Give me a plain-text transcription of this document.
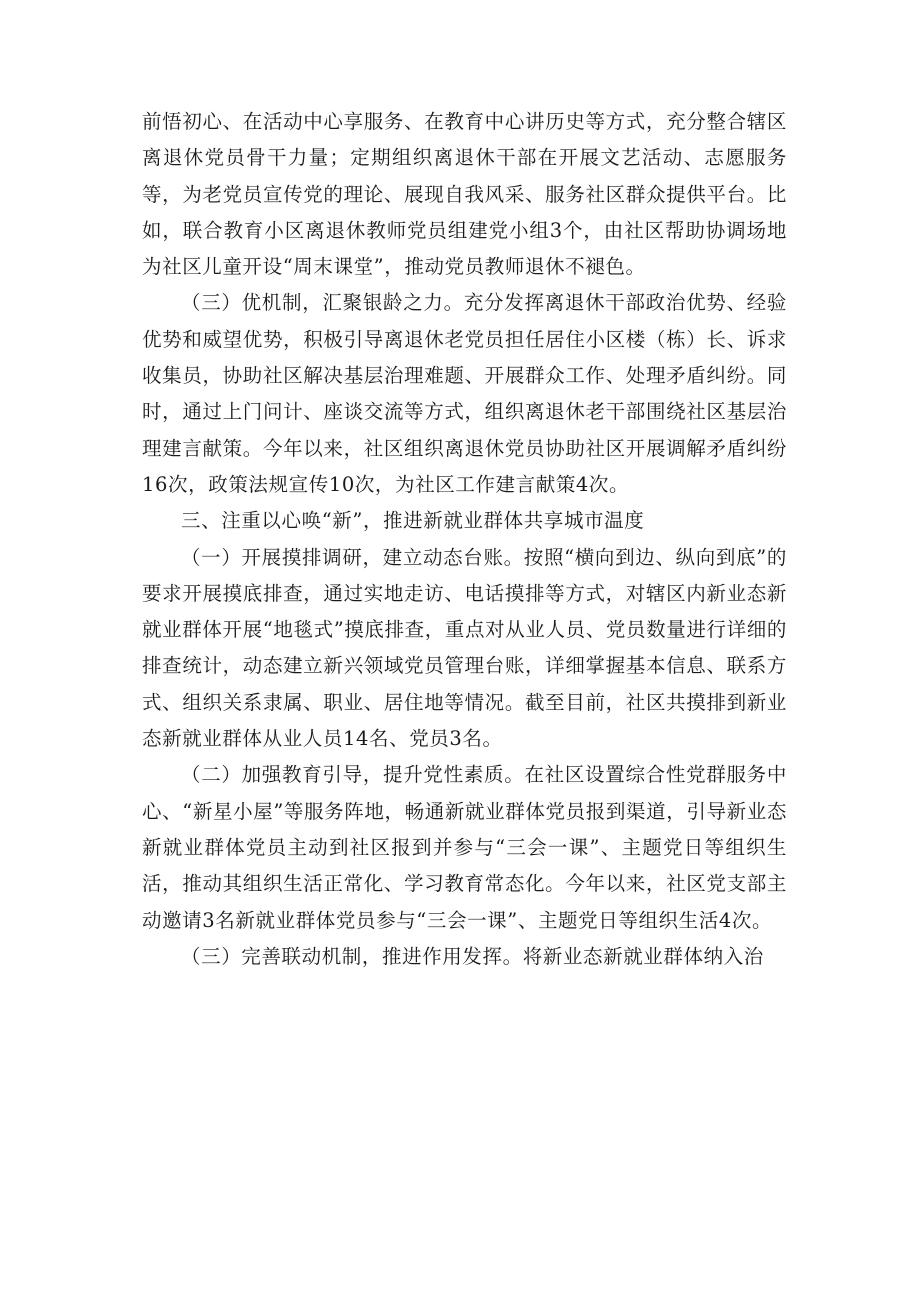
前悟初心、在活动中心享服务、在教育中心讲历史等方式，充分整合辖区离退休党员骨干力量；定期组织离退休干部在开展文艺活动、志愿服务等，为老党员宣传党的理论、展现自我风采、服务社区群众提供平台。比如，联合教育小区离退休教师党员组建党小组3个，由社区帮助协调场地为社区儿童开设“周末课堂”，推动党员教师退休不褪色。

（三）优机制，汇聚银龄之力。充分发挥离退休干部政治优势、经验优势和威望优势，积极引导离退休老党员担任居住小区楼（栋）长、诉求收集员，协助社区解决基层治理难题、开展群众工作、处理矛盾纠纷。同时，通过上门问计、座谈交流等方式，组织离退休老干部围绕社区基层治理建言献策。今年以来，社区组织离退休党员协助社区开展调解矛盾纠纷16次，政策法规宣传10次，为社区工作建言献策4次。

三、注重以心唤“新”，推进新就业群体共享城市温度

（一）开展摸排调研，建立动态台账。按照“横向到边、纵向到底”的要求开展摸底排查，通过实地走访、电话摸排等方式，对辖区内新业态新就业群体开展“地毯式”摸底排查，重点对从业人员、党员数量进行详细的排查统计，动态建立新兴领域党员管理台账，详细掌握基本信息、联系方式、组织关系隶属、职业、居住地等情况。截至目前，社区共摸排到新业态新就业群体从业人员14名、党员3名。

（二）加强教育引导，提升党性素质。在社区设置综合性党群服务中心、“新星小屋”等服务阵地，畅通新就业群体党员报到渠道，引导新业态新就业群体党员主动到社区报到并参与“三会一课”、主题党日等组织生活，推动其组织生活正常化、学习教育常态化。今年以来，社区党支部主动邀请3名新就业群体党员参与“三会一课”、主题党日等组织生活4次。

（三）完善联动机制，推进作用发挥。将新业态新就业群体纳入治
